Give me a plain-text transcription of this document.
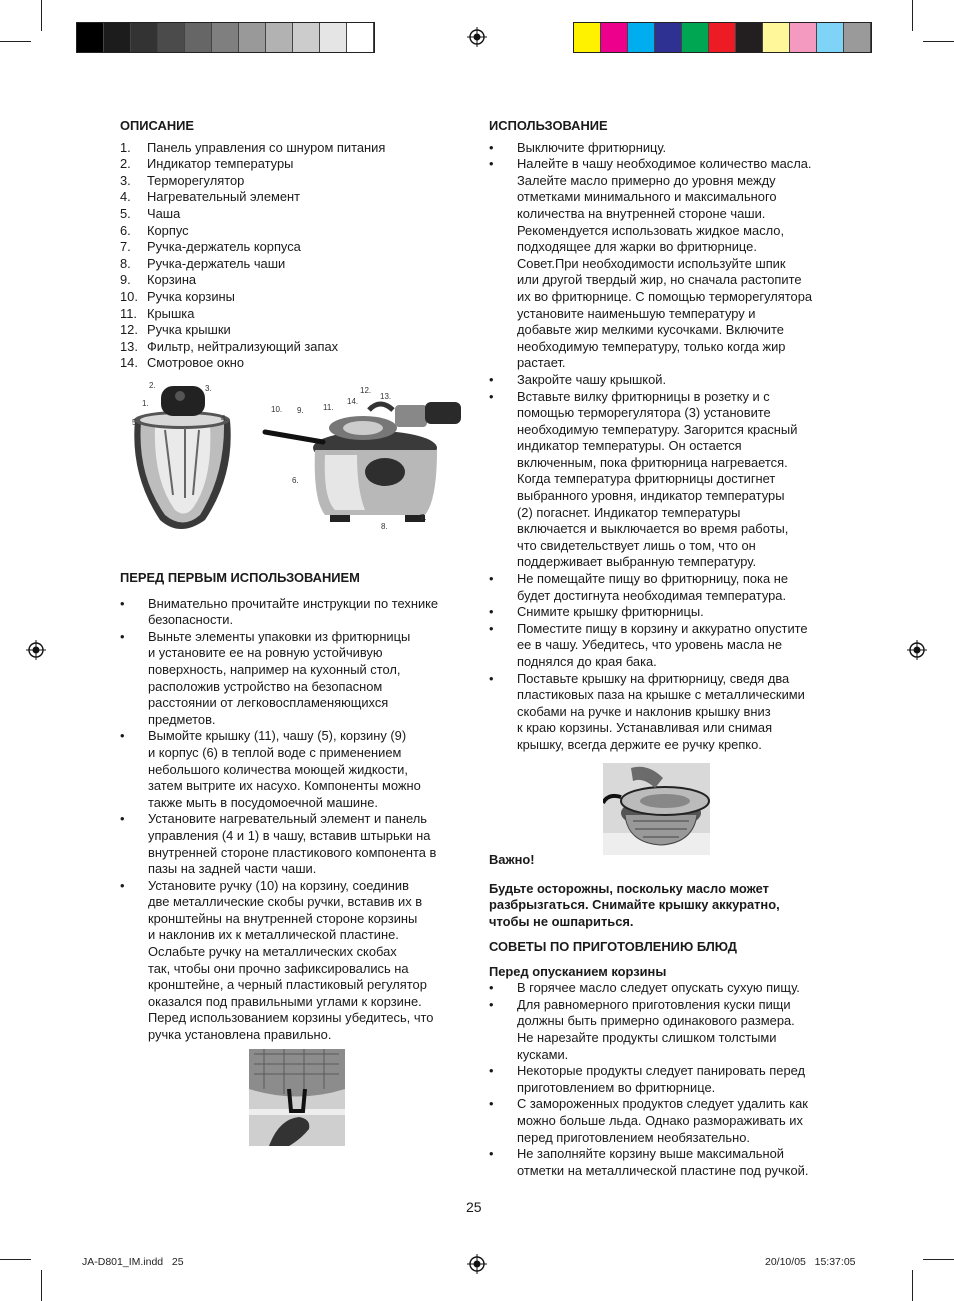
ОПИСАНИЕ
1.	Панель управления со шнуром питания
2.	Индикатор температуры
3.	Терморегулятор
4.	Нагревательный элемент
5.	Чаша
6.	Корпус
7.	Ручка-держатель корпуса
8.	Ручка-держатель чаши
9.	Корзина
10. Ручка корзины
11. Крышка
12. Ручка крышки
13. Фильтр, нейтрализующий запах
14. Смотровое окно
2.	3.
1.
4.
5.
10. 9. 11.
14.
12.
13.
6.
7.
8.
ПЕРЕД ПЕРВЫМ ИСПОЛЬЗОВАНИЕМ
•	Внимательно прочитайте инструкции по технике
безопасности.
•	Выньте элементы упаковки из фритюрницы
и установите ее на ровную устойчивую
поверхность, например на кухонный стол,
расположив устройство на безопасном
расстоянии от легковоспламеняющихся
предметов.
•	Вымойте крышку (11), чашу (5), корзину (9)
и корпус (6) в теплой воде с применением
небольшого количества моющей жидкости,
затем вытрите их насухо. Компоненты можно
также мыть в посудомоечной машине.
•	Установите нагревательный элемент и панель
управления (4 и 1) в чашу, вставив штырьки на
внутренней стороне пластикового компонента в
пазы на задней части чаши.
•	Установите ручку (10) на корзину, соединив
две металлические скобы ручки, вставив их в
кронштейны на внутренней стороне корзины
и наклонив их к металлической пластине.
Ослабьте ручку на металлических скобах
так, чтобы они прочно зафиксировались на
кронштейне, а черный пластиковый регулятор
оказался под правильными углами к корзине.
Перед использованием корзины убедитесь, что
ручка установлена правильно.
ИСПОЛЬЗОВАНИЕ
•	Выключите фритюрницу.
•	Налейте в чашу необходимое количество масла.
Залейте масло примерно до уровня между
отметками минимального и максимального
количества на внутренней стороне чаши.
Рекомендуется использовать жидкое масло,
подходящее для жарки во фритюрнице.
Совет.При необходимости используйте шпик
или другой твердый жир, но сначала растопите
их во фритюрнице. С помощью терморегулятора
установите наименьшую температуру и
добавьте жир мелкими кусочками. Включите
необходимую температуру, только когда жир
растает.
•	Закройте чашу крышкой.
•	Вставьте вилку фритюрницы в розетку и с
помощью терморегулятора (3) установите
необходимую температуру. Загорится красный
индикатор температуры. Он остается
включенным, пока фритюрница нагревается.
Когда температура фритюрницы достигнет
выбранного уровня, индикатор температуры
(2) погаснет. Индикатор температуры
включается и выключается во время работы,
что свидетельствует лишь о том, что он
поддерживает выбранную температуру.
•	Не помещайте пищу во фритюрницу, пока не
будет достигнута необходимая температура.
•	Снимите крышку фритюрницы.
•	Поместите пищу в корзину и аккуратно опустите
ее в чашу. Убедитесь, что уровень масла не
поднялся до края бака.
•	Поставьте крышку на фритюрницу, сведя два
пластиковых паза на крышке с металлическими
скобами на ручке и наклонив крышку вниз
к краю корзины. Устанавливая или снимая
крышку, всегда держите ее ручку крепко.
Важно!
Будьте осторожны, поскольку масло может
разбрызгаться. Снимайте крышку аккуратно,
чтобы не ошпариться.
СОВЕТЫ ПО ПРИГОТОВЛЕНИЮ БЛЮД
Перед опусканием корзины
•	В горячее масло следует опускать сухую пищу.
•	Для равномерного приготовления куски пищи
должны быть примерно одинакового размера.
Не нарезайте продукты слишком толстыми
кусками.
•	Некоторые продукты следует панировать перед
приготовлением во фритюрнице.
•	С замороженных продуктов следует удалить как
можно больше льда. Однако размораживать их
перед приготовлением необязательно.
•	Не заполняйте корзину выше максимальной
отметки на металлической пластине под ручкой.
25
JA-D801_IM.indd   25	20/10/05   15:37:05
